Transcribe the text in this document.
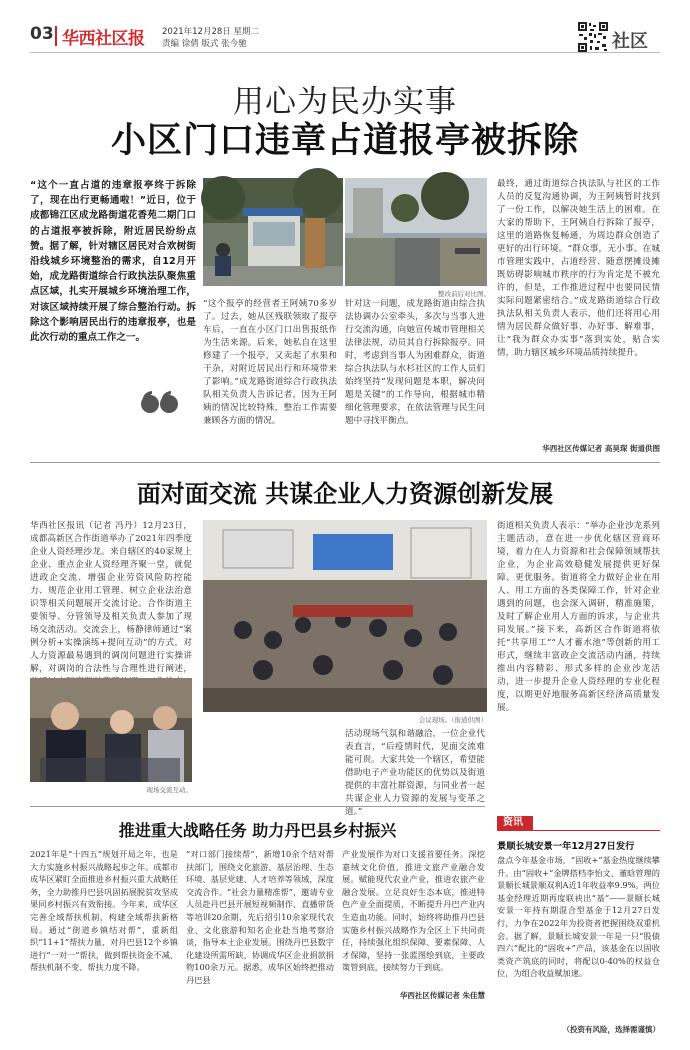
03 华西社区报 2021年12月28日 星期二
责编 徐倩 版式 张今驰	社区
用心为民办实事
小区门口违章占道报亭被拆除
“这个一直占道的违章报亭终于拆除了，现在出行更畅通啦！”近日，位于成都锦江区成龙路街道花香苑二期门口的占道报亭被拆除，附近居民纷纷点赞。据了解，针对辖区居民对合欢树街沿线城乡环境整治的需求，自12月开始，成龙路街道综合行政执法队聚焦重点区域，扎实开展城乡环境治理工作，对该区域持续开展了综合整治行动。拆除这个影响居民出行的违章报亭，也是此次行动的重点工作之一。
整改前后对比图。
“这个报亭的经营者王阿姨70多岁了。过去，她从区残联领取了报亭车后，一直在小区门口出售报纸作为生活来源。后来，她私自在这里修建了一个报亭，又卖起了水果和干杂，对附近居民出行和环境带来了影响。”成龙路街道综合行政执法队相关负责人告诉记者，因为王阿姨的情况比较特殊，整治工作需要兼顾各方面的情况。
针对这一问题，成龙路街道由综合执法协调办公室牵头，多次与当事人进行交流沟通，向她宣传城市管理相关法律法规，动员其自行拆除报亭。同时，考虑到当事人为困难群众，街道综合执法队与水杉社区的工作人员们始终坚持“发现问题是本职，解决问题是关键”的工作导向，根据城市精细化管理要求，在依法管理与民生问题中寻找平衡点。
最终，通过街道综合执法队与社区的工作人员的反复沟通协调，为王阿姨暂时找到了一份工作，以解决她生活上的困难。在大家的帮助下，王阿姨自行拆除了报亭，这里的道路恢复畅通，为周边群众创造了更好的出行环境。“群众事，无小事。在城市管理实践中，占道经营、随意摆摊设摊既妨碍影响城市秩序的行为肯定是不被允许的，但是，工作推进过程中也要同民情实际问题紧密结合。”成龙路街道综合行政执法队相关负责人表示，他们还将用心用情为居民群众做好事、办好事、解难事，让“我为群众办实事”落到实处，贴合实情，助力辖区城乡环境品质持续提升。
华西社区传媒记者 高昊琛 街道供图
面对面交流 共谋企业人力资源创新发展
华西社区报讯（记者 冯丹）12月23日，成都高新区合作街道举办了2021年四季度企业人资经理沙龙。来自辖区的40家规上企业、重点企业人资经理齐聚一堂，就促进政企交流、增强企业劳资风险防控能力、规范企业用工管理、树立企业法治意识等相关问题展开交流讨论。合作街道主要领导、分管领导及相关负责人参加了现场交流活动。交流会上，杨静律师通过“案例分析+实操演练+提问互动”的方式，对人力资源最易遇到的调岗问题进行实操讲解，对调岗的合法性与合理性进行阐述，
现场交流互动。
会议现场。（街道供图）
活动现场气氛和谐融洽，一位企业代表直言，“后疫情时代，见面交流难能可贵。大家共处一个辖区，希望能借助电子产业功能区的优势以及街道提供的丰富社群资源，与同业者一起共谋企业人力资源的发展与变革之道。”
街道相关负责人表示：“举办企业沙龙系列主题活动，意在进一步优化辖区营商环境，着力在人力资源和社会保障领域帮扶企业，为企业高效稳健发展提供更好保障、更优服务。街道将全力做好企业在用人、用工方面的各类保障工作，针对企业遇到的问题，也会深入调研，精准施策，及时了解企业用人方面的诉求，与企业共同发展。”接下来，高新区合作街道将依托“共享用工”“人才蓄水池”等创新的用工形式，继续丰富政企交流活动内涵，持续推出内容精彩、形式多样的企业沙龙活动，进一步提升企业人资经理的专业化程度，以期更好地服务高新区经济高质量发展。
推进重大战略任务 助力丹巴县乡村振兴
2021年是“十四五”规划开局之年，也是大力实施乡村振兴战略起步之年。成都市成华区紧盯全面推进乡村振兴重大战略任务，全力助推丹巴县巩固拓展脱贫攻坚成果同乡村振兴有效衔接。今年来，成华区完善全域帮扶机制，构建全域帮扶新格局。通过“街道乡镇结对帮”，重新组织“11+1”帮扶力量，对丹巴县12个乡镇进行“一对一”帮扶，做到帮扶资金不减、帮扶机制不变、帮扶力度不降。
“对口部门接续帮”，新增10余个结对帮扶部门，围绕文化旅游、基层治理、生态环境、基层党建、人才培养等领域，深度交流合作。“社会力量精准帮”，邀请专业人员赴丹巴县开展短视频制作、直播带货等培训20余期，先后招引10余家现代农业、文化旅游和知名企业赴当地考察洽谈，指导本土企业发展。围绕丹巴县数字化建设所需所缺，协调成华区企业捐款捐物100余万元。据悉，成华区始终把推动丹巴县
产业发展作为对口支援首要任务。深挖嘉绒文化价值，推进文旅产业融合发展。赋能现代农业产业，推进农旅产业融合发展。立足良好生态本底，推进特色产业全面提质，不断提升丹巴产业内生造血功能。同时，始终将助推丹巴县实施乡村振兴战略作为全区上下共同责任，持续强化组织保障、要素保障、人才保障，坚持一张蓝图绘到底，主要政策管到底，接续努力于到底。
华西社区传媒记者 朱佳慧
资讯
景顺长城安景一年12月27日发行
盘点今年基金市场，“固收+”基金热度继续攀升。由“固收+”金牌搭档李怡文、董晗管理的景顺长城景顺双利A近1年收益率9.9%。两位基金经理近期再度联袂出“基”——景顺长城安景一年持有期混合型基金于12月27日发行，力争在2022年为投资者把握围绕双重机会。据了解，景顺长城安景一年是一只“股债四六”配比的“固收+”产品，该基金在以固收类资产筑底的同时，将配以0-40%的权益仓位，为组合收益赋加速。
（投资有风险，选择需谨慎）
